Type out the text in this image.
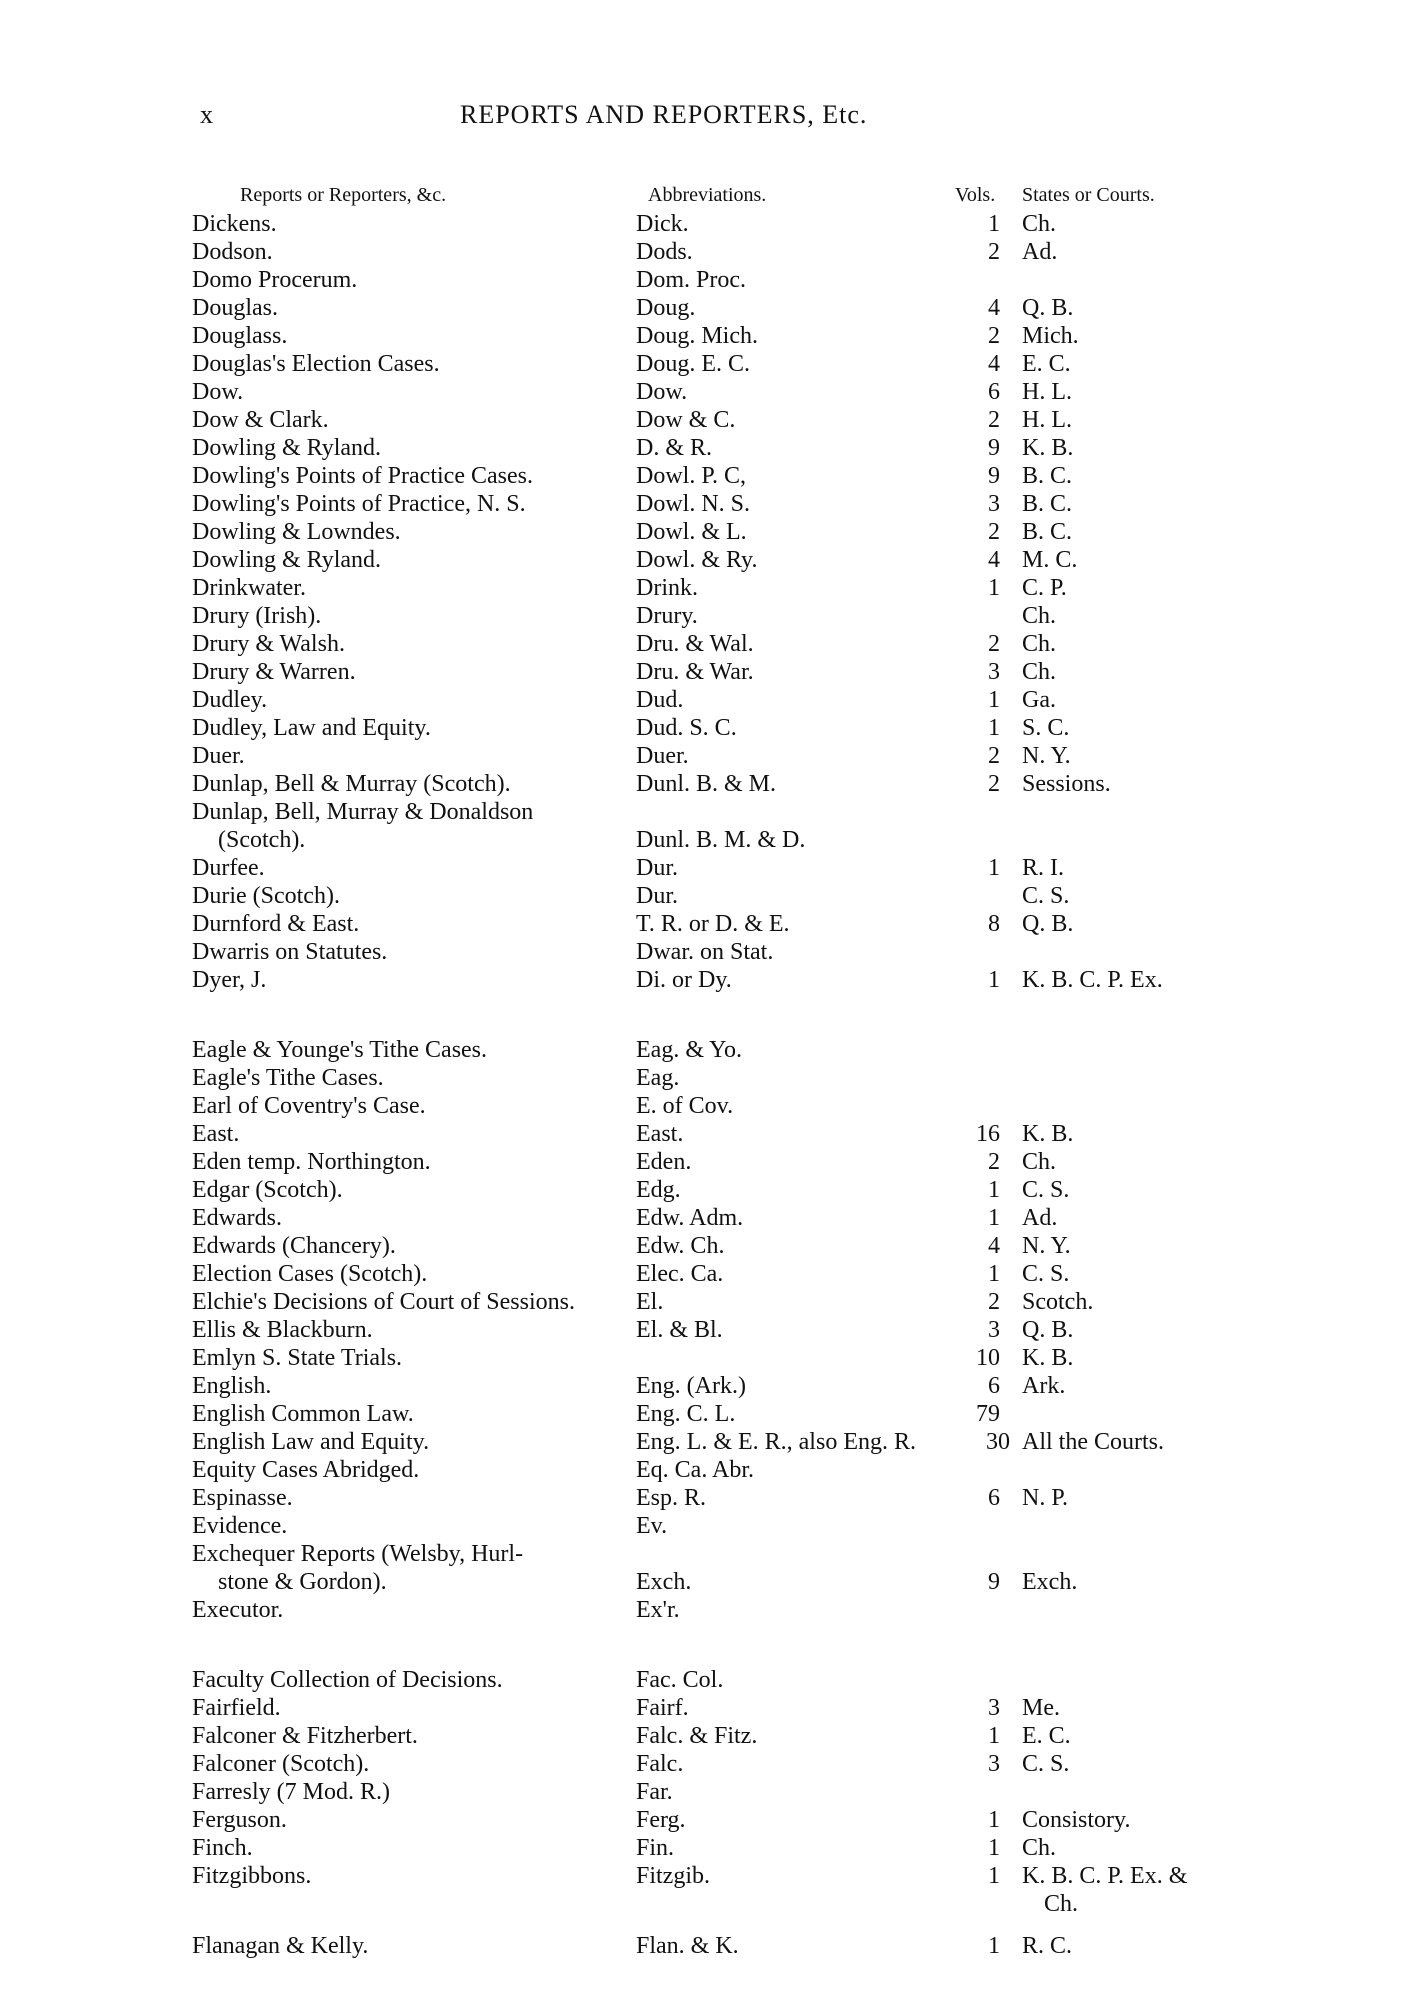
x	REPORTS AND REPORTERS, Etc.
Reports or Reporters, &c.	Abbreviations.	Vols. States or Courts.
Dickens.	Dick.	1 Ch.
Dodson.	Dods.	2 Ad.
Domo Procerum.	Dom. Proc.
Douglas.	Doug.	4 Q. B.
Douglass.	Doug. Mich.	2 Mich.
Douglas's Election Cases.	Doug. E. C.	4 E. C.
Dow.	Dow.	6 H. L.
Dow & Clark.	Dow & C.	2 H. L.
Dowling & Ryland.	D. & R.	9 K. B.
Dowling's Points of Practice Cases.	Dowl. P. C,	9 B. C.
Dowling's Points of Practice, N. S.	Dowl. N. S.	3 B. C.
Dowling & Lowndes.	Dowl. & L.	2 B. C.
Dowling & Ryland.	Dowl. & Ry.	4 M. C.
Drinkwater.	Drink.	1 C. P.
Drury (Irish).	Drury.	Ch.
Drury & Walsh.	Dru. & Wal.	2 Ch.
Drury & Warren.	Dru. & War.	3 Ch.
Dudley.	Dud.	1 Ga.
Dudley, Law and Equity.	Dud. S. C.	1 S. C.
Duer.	Duer.	2 N. Y.
Dunlap, Bell & Murray (Scotch).	Dunl. B. & M.	2 Sessions.
Dunlap, Bell, Murray & Donaldson
(Scotch).	Dunl. B. M. & D.
Durfee.	Dur.	1 R. I.
Durie (Scotch).	Dur.	C. S.
Durnford & East.	T. R. or D. & E.	8 Q. B.
Dwarris on Statutes.	Dwar. on Stat.
Dyer, J.	Di. or Dy.	1 K. B. C. P. Ex.
Eagle & Younge's Tithe Cases.	Eag. & Yo.
Eagle's Tithe Cases.	Eag.
Earl of Coventry's Case.	E. of Cov.
East.	East.	16 K. B.
Eden temp. Northington.	Eden.	2 Ch.
Edgar (Scotch).	Edg.	1 C. S.
Edwards.	Edw. Adm.	1 Ad.
Edwards (Chancery).	Edw. Ch.	4 N. Y.
Election Cases (Scotch).	Elec. Ca.	1 C. S.
Elchie's Decisions of Court of Sessions.	El.	2 Scotch.
Ellis & Blackburn.	El. & Bl.	3 Q. B.
Emlyn S. State Trials.	10 K. B.
English.	Eng. (Ark.)	6 Ark.
English Common Law.	Eng. C. L.	79
English Law and Equity.	Eng. L. & E. R., also Eng. R.	30 All the Courts.
Equity Cases Abridged.	Eq. Ca. Abr.
Espinasse.	Esp. R.	6 N. P.
Evidence.	Ev.
Exchequer Reports (Welsby, Hurl-
stone & Gordon).	Exch.	9 Exch.
Executor.	Ex'r.
Faculty Collection of Decisions.	Fac. Col.
Fairfield.	Fairf.	3 Me.
Falconer & Fitzherbert.	Falc. & Fitz.	1 E. C.
Falconer (Scotch).	Falc.	3 C. S.
Farresly (7 Mod. R.)	Far.
Ferguson.	Ferg.	1 Consistory.
Finch.	Fin.	1 Ch.
Fitzgibbons.	Fitzgib.	1 K. B. C. P. Ex. &
Ch.
Flanagan & Kelly.	Flan. & K.	1 R. C.
